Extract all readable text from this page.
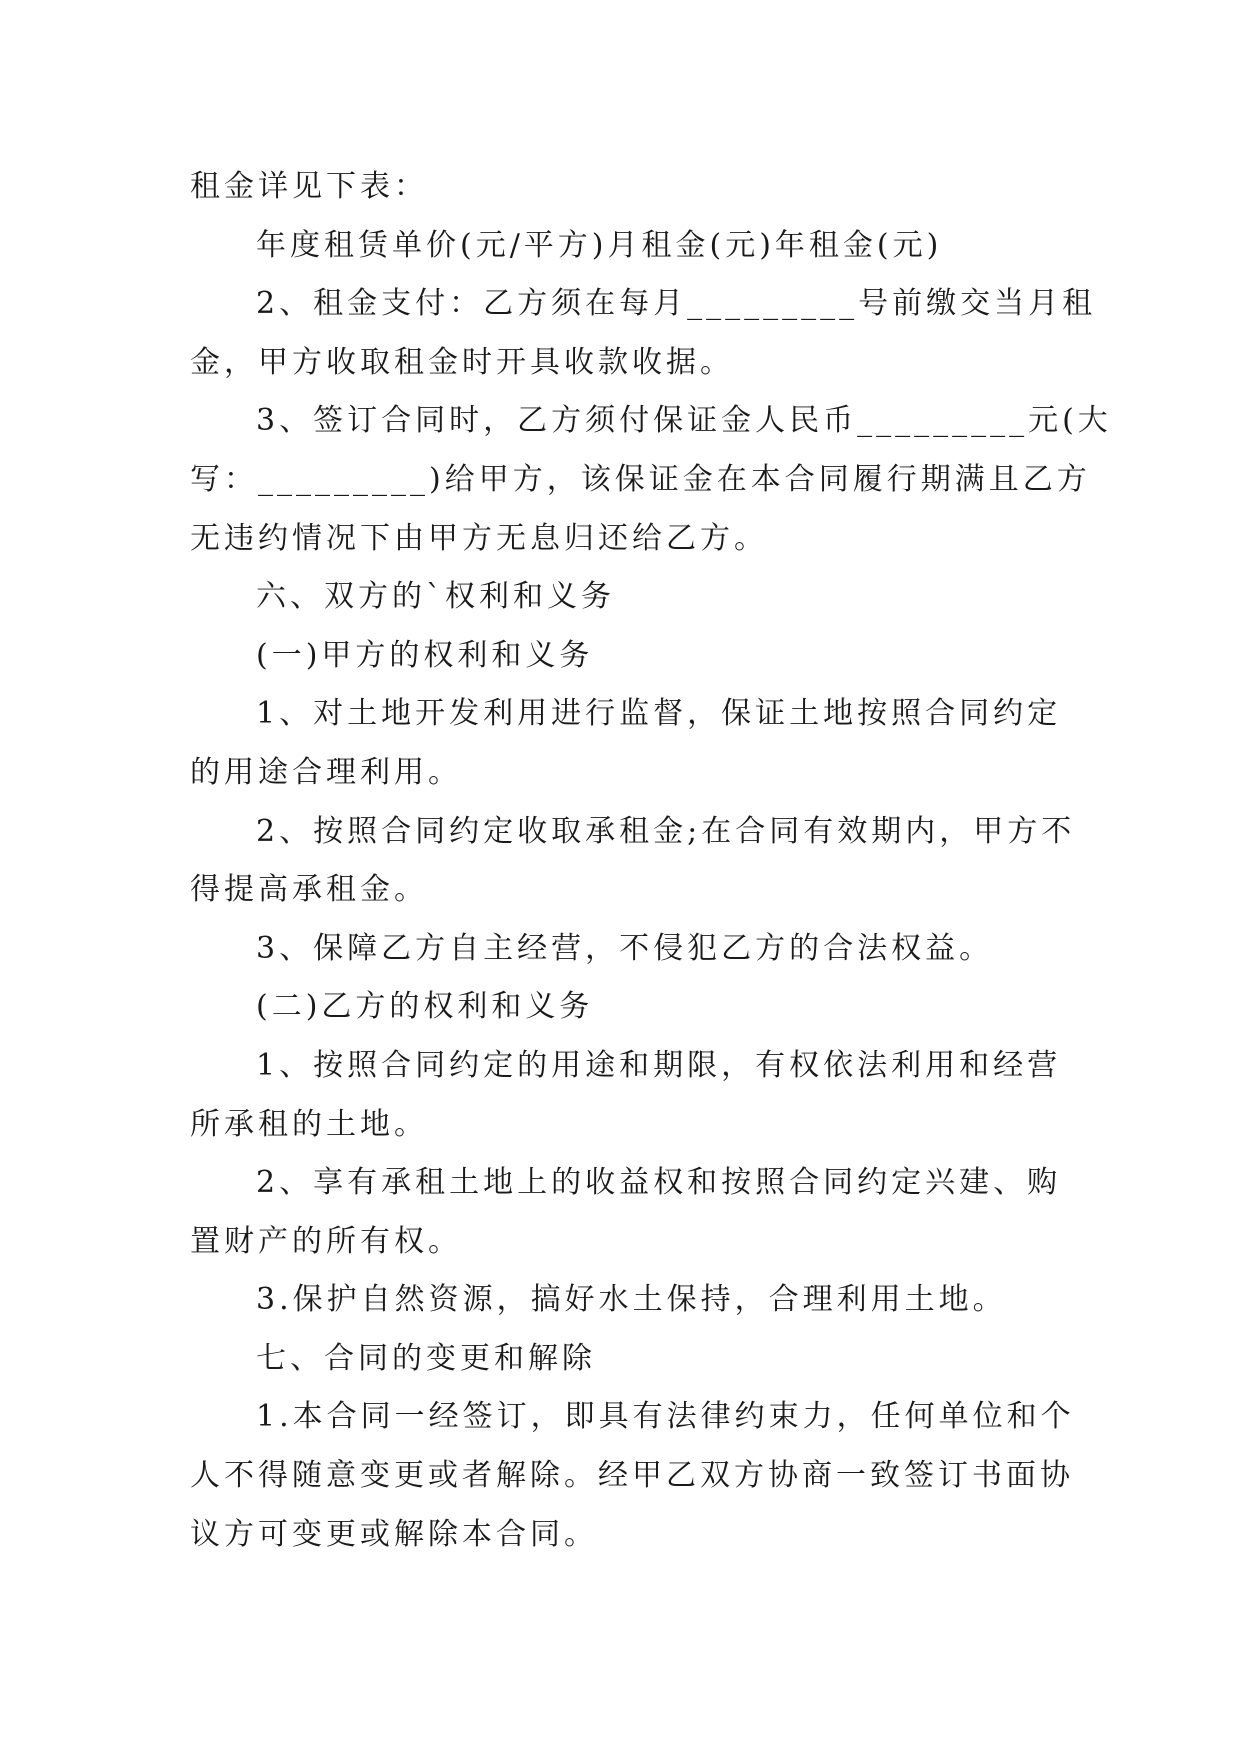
租金详见下表：

年度租赁单价(元/平方)月租金(元)年租金(元)

2、租金支付：乙方须在每月_________号前缴交当月租

金，甲方收取租金时开具收款收据。

3、签订合同时，乙方须付保证金人民币_________元(大

写：_________)给甲方，该保证金在本合同履行期满且乙方

无违约情况下由甲方无息归还给乙方。

六、双方的`权利和义务

(一)甲方的权利和义务

1、对土地开发利用进行监督，保证土地按照合同约定

的用途合理利用。

2、按照合同约定收取承租金;在合同有效期内，甲方不

得提高承租金。

3、保障乙方自主经营，不侵犯乙方的合法权益。

(二)乙方的权利和义务

1、按照合同约定的用途和期限，有权依法利用和经营

所承租的土地。

2、享有承租土地上的收益权和按照合同约定兴建、购

置财产的所有权。

3.保护自然资源，搞好水土保持，合理利用土地。

七、合同的变更和解除

1.本合同一经签订，即具有法律约束力，任何单位和个

人不得随意变更或者解除。经甲乙双方协商一致签订书面协

议方可变更或解除本合同。
